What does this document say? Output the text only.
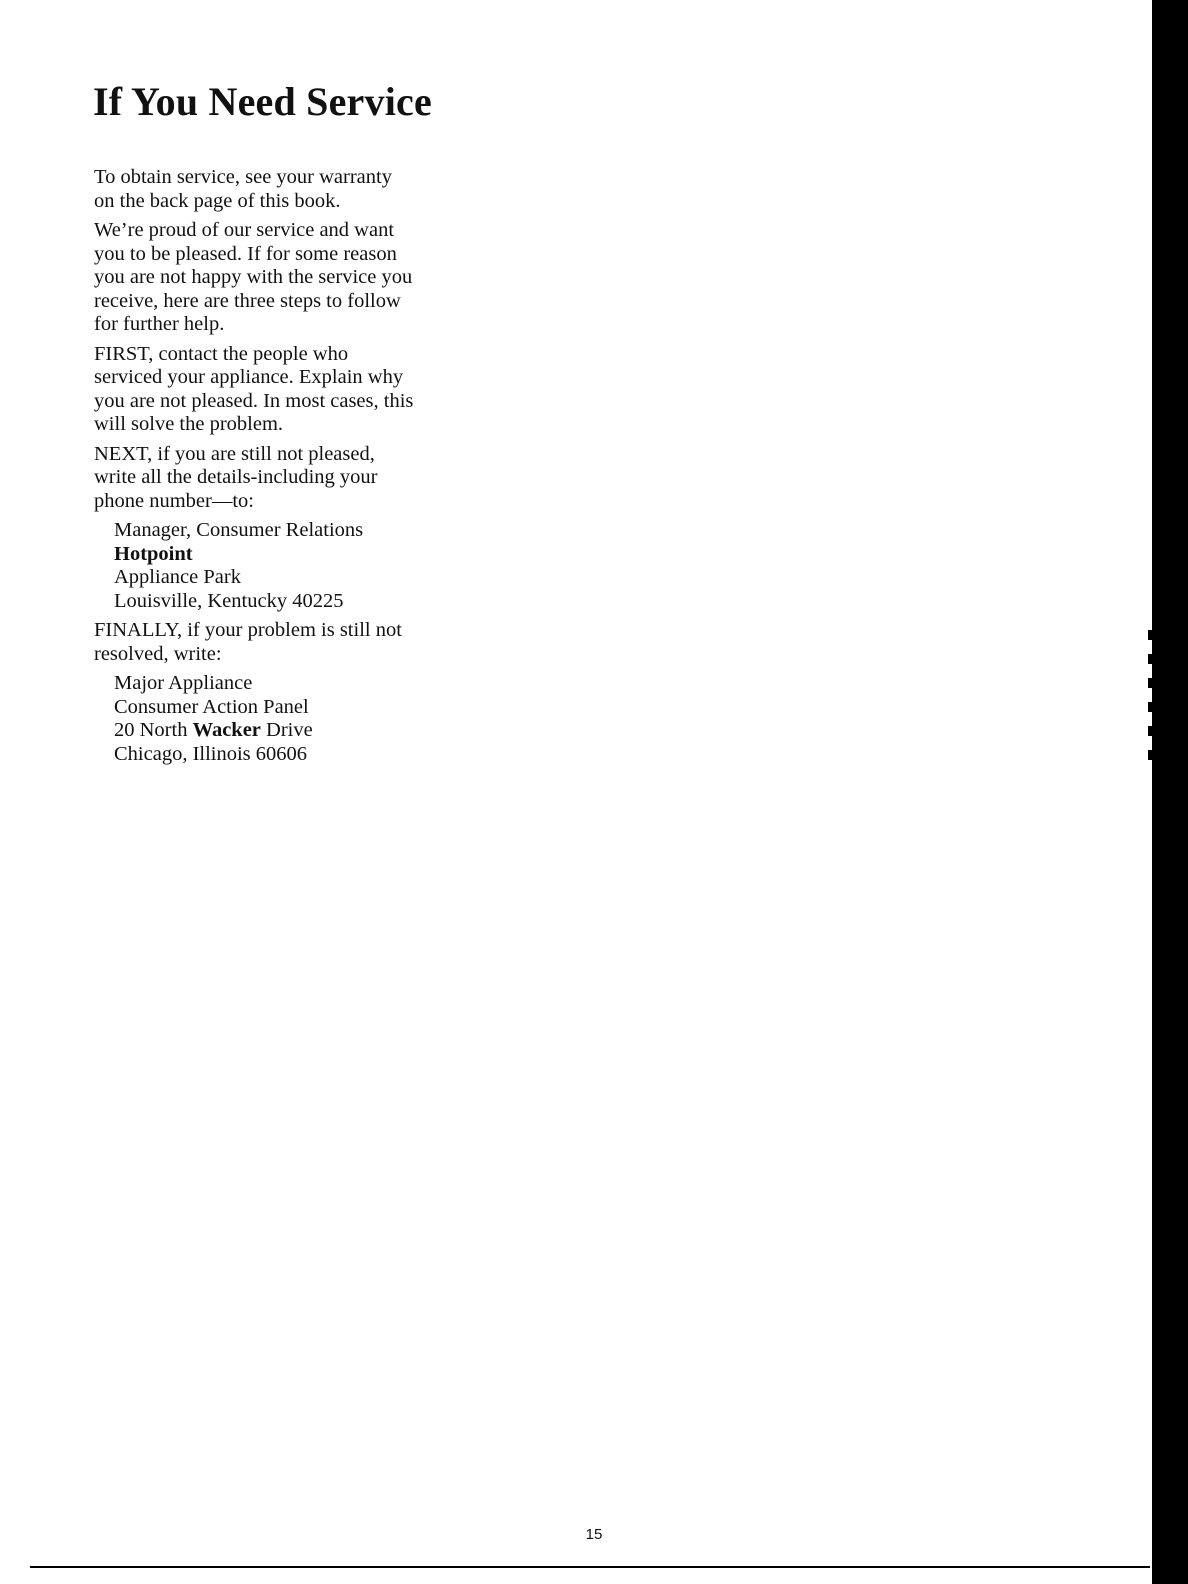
If You Need Service

To obtain service, see your warranty on the back page of this book.

We’re proud of our service and want you to be pleased. If for some reason you are not happy with the service you receive, here are three steps to follow for further help.

FIRST, contact the people who serviced your appliance. Explain why you are not pleased. In most cases, this will solve the problem.

NEXT, if you are still not pleased, write all the details-including your phone number—to:

Manager, Consumer Relations
Hotpoint
Appliance Park
Louisville, Kentucky 40225

FINALLY, if your problem is still not resolved, write:

Major Appliance
Consumer Action Panel
20 North Wacker Drive
Chicago, Illinois 60606
15
